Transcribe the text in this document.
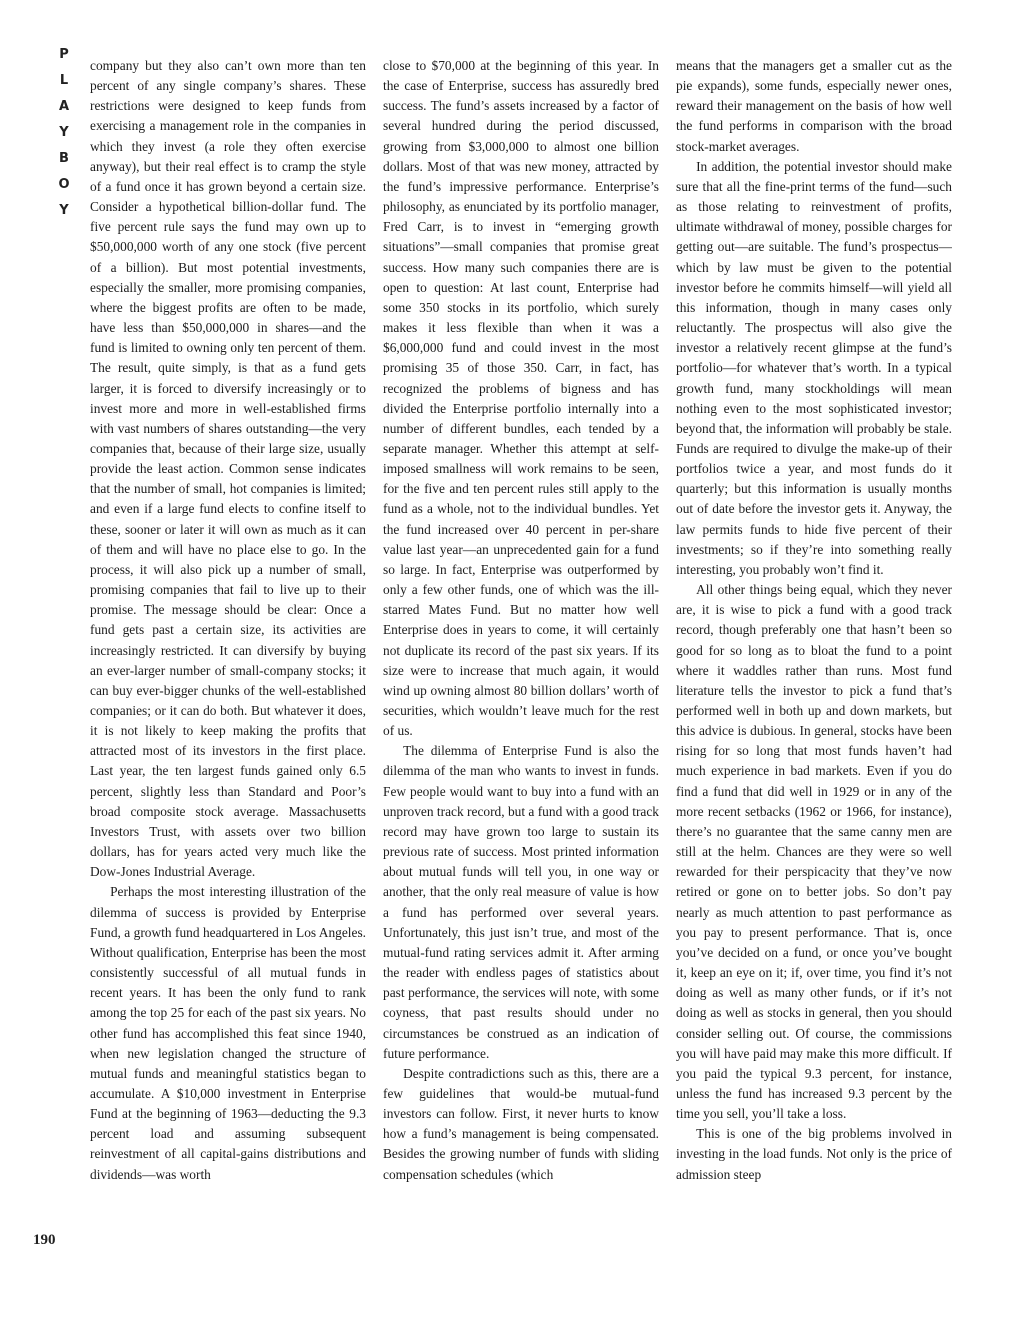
P
L
A
Y
B
O
Y
190

company but they also can’t own more than ten percent of any single company’s shares. These restrictions were designed to keep funds from exercising a management role in the companies in which they invest (a role they often exercise anyway), but their real effect is to cramp the style of a fund once it has grown beyond a certain size. Consider a hypothetical billion-dollar fund. The five percent rule says the fund may own up to $50,000,000 worth of any one stock (five percent of a billion). But most potential investments, especially the smaller, more promising companies, where the biggest profits are often to be made, have less than $50,000,000 in shares—and the fund is limited to owning only ten percent of them. The result, quite simply, is that as a fund gets larger, it is forced to diversify increasingly or to invest more and more in well-established firms with vast numbers of shares outstanding—the very companies that, because of their large size, usually provide the least action. Common sense indicates that the number of small, hot companies is limited; and even if a large fund elects to confine itself to these, sooner or later it will own as much as it can of them and will have no place else to go. In the process, it will also pick up a number of small, promising companies that fail to live up to their promise. The message should be clear: Once a fund gets past a certain size, its activities are increasingly restricted. It can diversify by buying an ever-larger number of small-company stocks; it can buy ever-bigger chunks of the well-established companies; or it can do both. But whatever it does, it is not likely to keep making the profits that attracted most of its investors in the first place. Last year, the ten largest funds gained only 6.5 percent, slightly less than Standard and Poor’s broad composite stock average. Massachusetts Investors Trust, with assets over two billion dollars, has for years acted very much like the Dow-Jones Industrial Average.

Perhaps the most interesting illustration of the dilemma of success is provided by Enterprise Fund, a growth fund headquartered in Los Angeles. Without qualification, Enterprise has been the most consistently successful of all mutual funds in recent years. It has been the only fund to rank among the top 25 for each of the past six years. No other fund has accomplished this feat since 1940, when new legislation changed the structure of mutual funds and meaningful statistics began to accumulate. A $10,000 investment in Enterprise Fund at the beginning of 1963—deducting the 9.3 percent load and assuming subsequent reinvestment of all capital-gains distributions and dividends—was worth

close to $70,000 at the beginning of this year. In the case of Enterprise, success has assuredly bred success. The fund’s assets increased by a factor of several hundred during the period discussed, growing from $3,000,000 to almost one billion dollars. Most of that was new money, attracted by the fund’s impressive performance. Enterprise’s philosophy, as enunciated by its portfolio manager, Fred Carr, is to invest in “emerging growth situations”—small companies that promise great success. How many such companies there are is open to question: At last count, Enterprise had some 350 stocks in its portfolio, which surely makes it less flexible than when it was a $6,000,000 fund and could invest in the most promising 35 of those 350. Carr, in fact, has recognized the problems of bigness and has divided the Enterprise portfolio internally into a number of different bundles, each tended by a separate manager. Whether this attempt at self-imposed smallness will work remains to be seen, for the five and ten percent rules still apply to the fund as a whole, not to the individual bundles. Yet the fund increased over 40 percent in per-share value last year—an unprecedented gain for a fund so large. In fact, Enterprise was outperformed by only a few other funds, one of which was the ill-starred Mates Fund. But no matter how well Enterprise does in years to come, it will certainly not duplicate its record of the past six years. If its size were to increase that much again, it would wind up owning almost 80 billion dollars’ worth of securities, which wouldn’t leave much for the rest of us.

The dilemma of Enterprise Fund is also the dilemma of the man who wants to invest in funds. Few people would want to buy into a fund with an unproven track record, but a fund with a good track record may have grown too large to sustain its previous rate of success. Most printed information about mutual funds will tell you, in one way or another, that the only real measure of value is how a fund has performed over several years. Unfortunately, this just isn’t true, and most of the mutual-fund rating services admit it. After arming the reader with endless pages of statistics about past performance, the services will note, with some coyness, that past results should under no circumstances be construed as an indication of future performance.

Despite contradictions such as this, there are a few guidelines that would-be mutual-fund investors can follow. First, it never hurts to know how a fund’s management is being compensated. Besides the growing number of funds with sliding compensation schedules (which

means that the managers get a smaller cut as the pie expands), some funds, especially newer ones, reward their management on the basis of how well the fund performs in comparison with the broad stock-market averages.

In addition, the potential investor should make sure that all the fine-print terms of the fund—such as those relating to reinvestment of profits, ultimate withdrawal of money, possible charges for getting out—are suitable. The fund’s prospectus—which by law must be given to the potential investor before he commits himself—will yield all this information, though in many cases only reluctantly. The prospectus will also give the investor a relatively recent glimpse at the fund’s portfolio—for whatever that’s worth. In a typical growth fund, many stockholdings will mean nothing even to the most sophisticated investor; beyond that, the information will probably be stale. Funds are required to divulge the make-up of their portfolios twice a year, and most funds do it quarterly; but this information is usually months out of date before the investor gets it. Anyway, the law permits funds to hide five percent of their investments; so if they’re into something really interesting, you probably won’t find it.

All other things being equal, which they never are, it is wise to pick a fund with a good track record, though preferably one that hasn’t been so good for so long as to bloat the fund to a point where it waddles rather than runs. Most fund literature tells the investor to pick a fund that’s performed well in both up and down markets, but this advice is dubious. In general, stocks have been rising for so long that most funds haven’t had much experience in bad markets. Even if you do find a fund that did well in 1929 or in any of the more recent setbacks (1962 or 1966, for instance), there’s no guarantee that the same canny men are still at the helm. Chances are they were so well rewarded for their perspicacity that they’ve now retired or gone on to better jobs. So don’t pay nearly as much attention to past performance as you pay to present performance. That is, once you’ve decided on a fund, or once you’ve bought it, keep an eye on it; if, over time, you find it’s not doing as well as many other funds, or if it’s not doing as well as stocks in general, then you should consider selling out. Of course, the commissions you will have paid may make this more difficult. If you paid the typical 9.3 percent, for instance, unless the fund has increased 9.3 percent by the time you sell, you’ll take a loss.

This is one of the big problems involved in investing in the load funds. Not only is the price of admission steep
